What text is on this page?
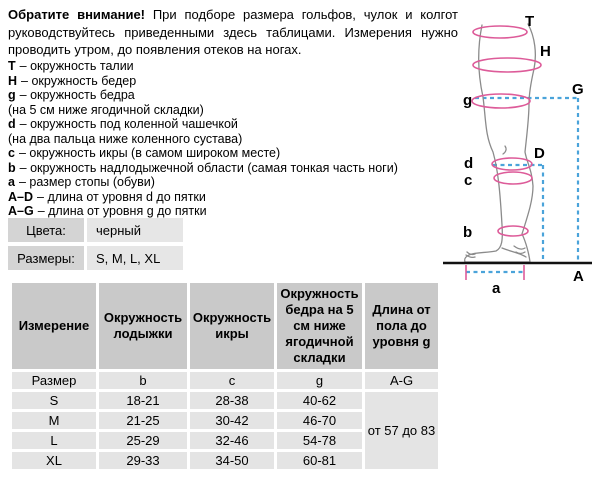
Обратите внимание! При подборе размера гольфов, чулок и колгот
руководствуйтесь приведенными здесь таблицами. Измерения нужно
проводить утром, до появления отеков на ногах.
T – окружность талии
H – окружность бедер
g – окружность бедра
(на 5 см ниже ягодичной складки)
d – окружность под коленной чашечкой
(на два пальца ниже коленного сустава)
c – окружность икры (в самом широком месте)
b – окружность надлодыжечной области (самая тонкая часть ноги)
a – размер стопы (обуви)
A–D – длина от уровня d до пятки
A–G – длина от уровня g до пятки
Цвета:	черный
Размеры:	S, M, L, XL
Измерение	Окружность лодыжки	Окружность икры	Окружность бедра на 5 см ниже ягодичной складки	Длина от пола до уровня g
Размер	b	c	g	A-G
S	18-21	28-38	40-62	от 57 до 83
M	21-25	30-42	46-70	
L	25-29	32-46	54-78	
XL	29-33	34-50	60-81	
T
H
G
g
D
d
c
b
A
a
